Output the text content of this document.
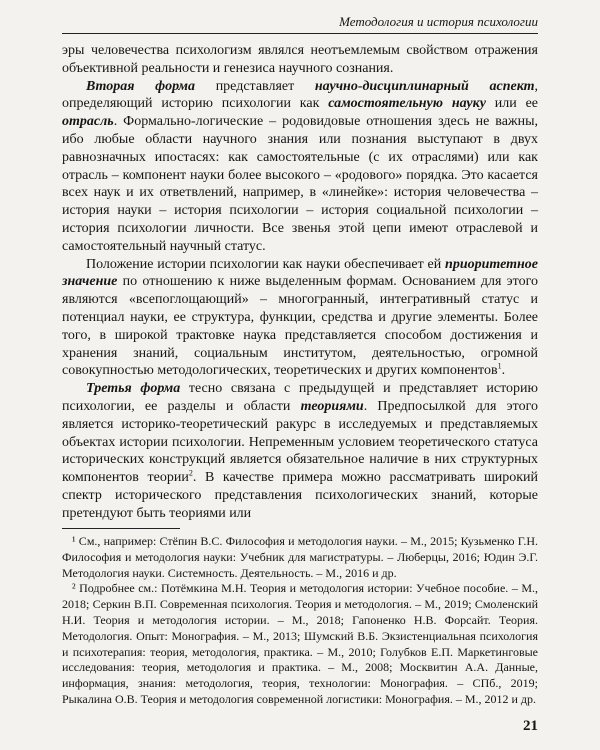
Методология и история психологии

эры человечества психологизм являлся неотъемлемым свойством отражения объективной реальности и генезиса научного сознания.

Вторая форма представляет научно-дисциплинарный аспект, определяющий историю психологии как самостоятельную науку или ее отрасль. Формально-логические – родовидовые отношения здесь не важны, ибо любые области научного знания или познания выступают в двух равнозначных ипостасях: как самостоятельные (с их отраслями) или как отрасль – компонент науки более высокого – «родового» порядка. Это касается всех наук и их ответвлений, например, в «линейке»: история человечества – история науки – история психологии – история социальной психологии – история психологии личности. Все звенья этой цепи имеют отраслевой и самостоятельный научный статус.

Положение истории психологии как науки обеспечивает ей приоритетное значение по отношению к ниже выделенным формам. Основанием для этого являются «всепоглощающий» – многогранный, интегративный статус и потенциал науки, ее структура, функции, средства и другие элементы. Более того, в широкой трактовке наука представляется способом достижения и хранения знаний, социальным институтом, деятельностью, огромной совокупностью методологических, теоретических и других компонентов$^1$.

Третья форма тесно связана с предыдущей и представляет историю психологии, ее разделы и области теориями. Предпосылкой для этого является историко-теоретический ракурс в исследуемых и представляемых объектах истории психологии. Непременным условием теоретического статуса исторических конструкций является обязательное наличие в них структурных компонентов теории$^2$. В качестве примера можно рассматривать широкий спектр исторического представления психологических знаний, которые претендуют быть теориями или

¹ См., например: Стёпин В.С. Философия и методология науки. – М., 2015; Кузьменко Г.Н. Философия и методология науки: Учебник для магистратуры. – Люберцы, 2016; Юдин Э.Г. Методология науки. Системность. Деятельность. – М., 2016 и др.

² Подробнее см.: Потёмкина М.Н. Теория и методология истории: Учебное пособие. – М., 2018; Серкин В.П. Современная психология. Теория и методология. – М., 2019; Смоленский Н.И. Теория и методология истории. – М., 2018; Гапоненко Н.В. Форсайт. Теория. Методология. Опыт: Монография. – М., 2013; Шумский В.Б. Экзистенциальная психология и психотерапия: теория, методология, практика. – М., 2010; Голубков Е.П. Маркетинговые исследования: теория, методология и практика. – М., 2008; Москвитин А.А. Данные, информация, знания: методология, теория, технологии: Монография. – СПб., 2019; Рыкалина О.В. Теория и методология современной логистики: Монография. – М., 2012 и др.

21
